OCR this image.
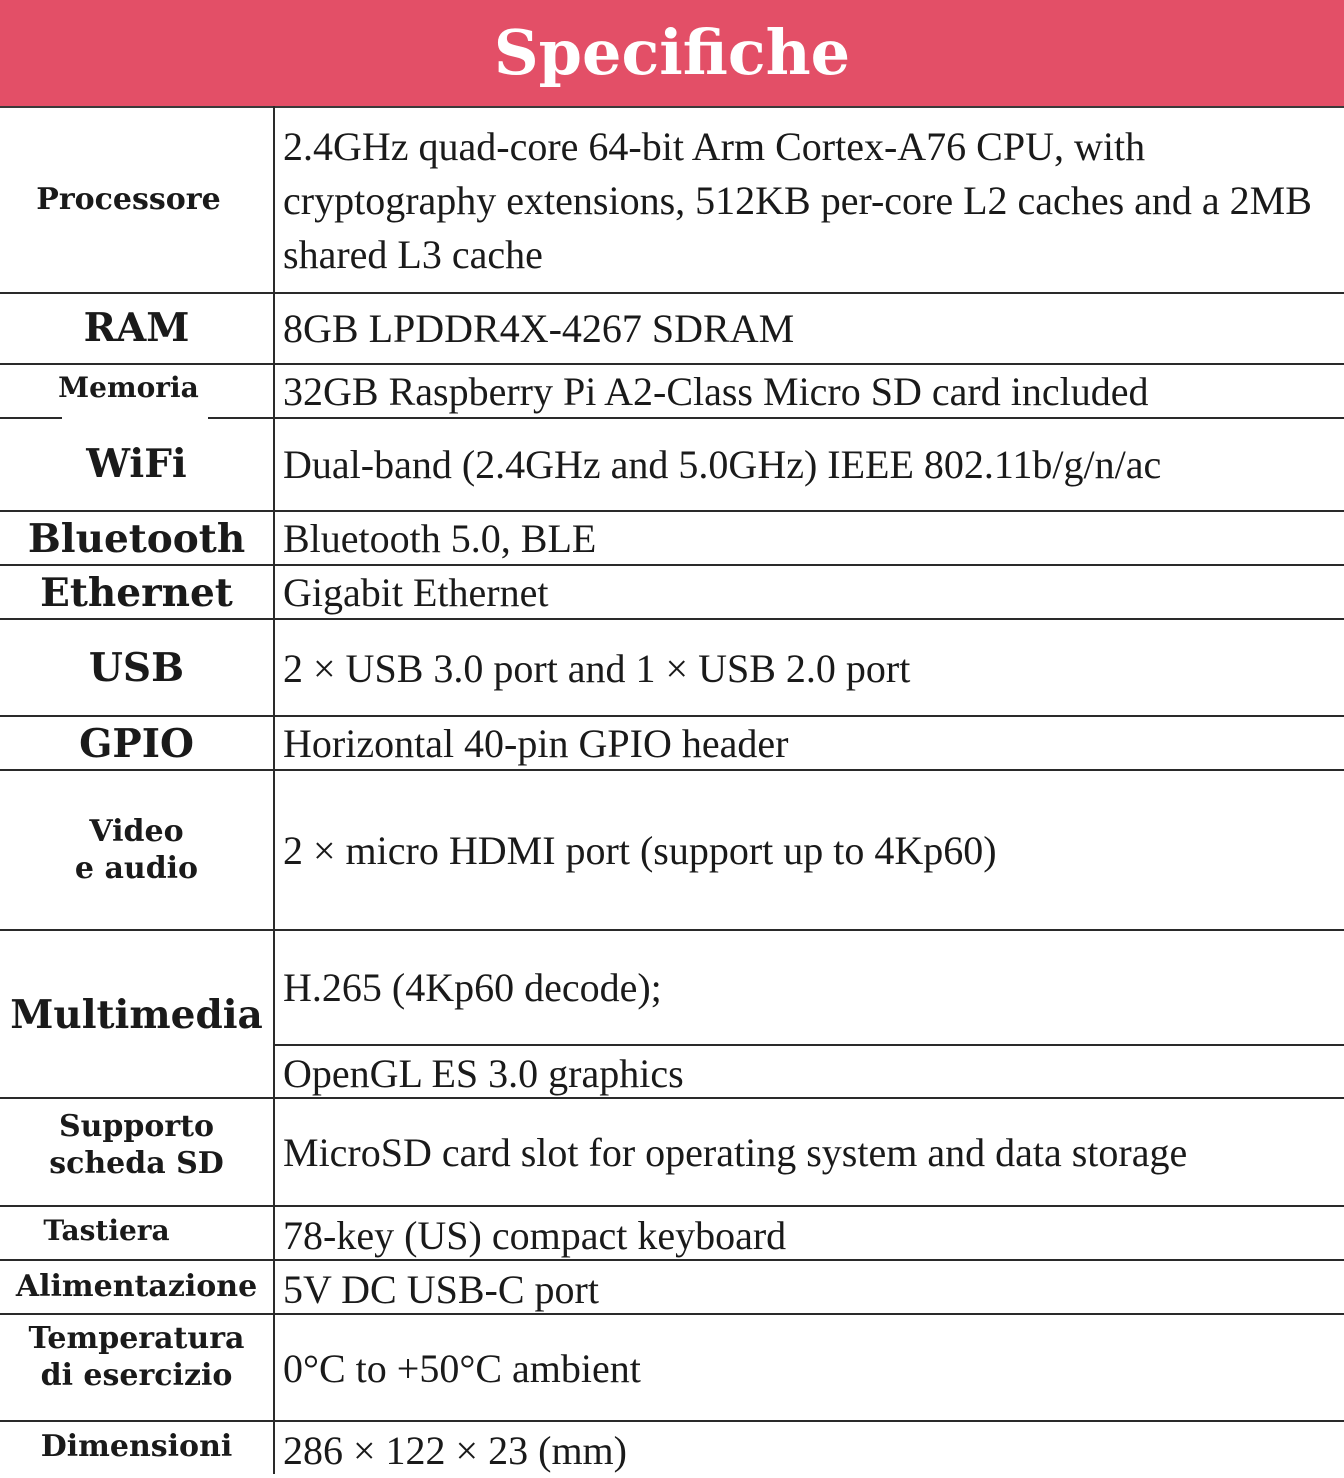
Specifiche
Processore
2.4GHz quad-core 64-bit Arm Cortex-A76 CPU, with
cryptography extensions, 512KB per-core L2 caches and a 2MB
shared L3 cache
RAM 8GB LPDDR4X-4267 SDRAM
Memoria 32GB Raspberry Pi A2-Class Micro SD card included
WiFi Dual-band (2.4GHz and 5.0GHz) IEEE 802.11b/g/n/ac
Bluetooth Bluetooth 5.0, BLE
Ethernet Gigabit Ethernet
USB 2 × USB 3.0 port and 1 × USB 2.0 port
GPIO Horizontal 40-pin GPIO header
Video
e audio 2 × micro HDMI port (support up to 4Kp60)
Multimedia
H.265 (4Kp60 decode);
OpenGL ES 3.0 graphics
Supporto
scheda SD MicroSD card slot for operating system and data storage
Tastiera	78-key (US) compact keyboard
Alimentazione 5V DC USB-C port
Temperatura
di esercizio 0°C to +50°C ambient
Dimensioni 286 × 122 × 23 (mm)
